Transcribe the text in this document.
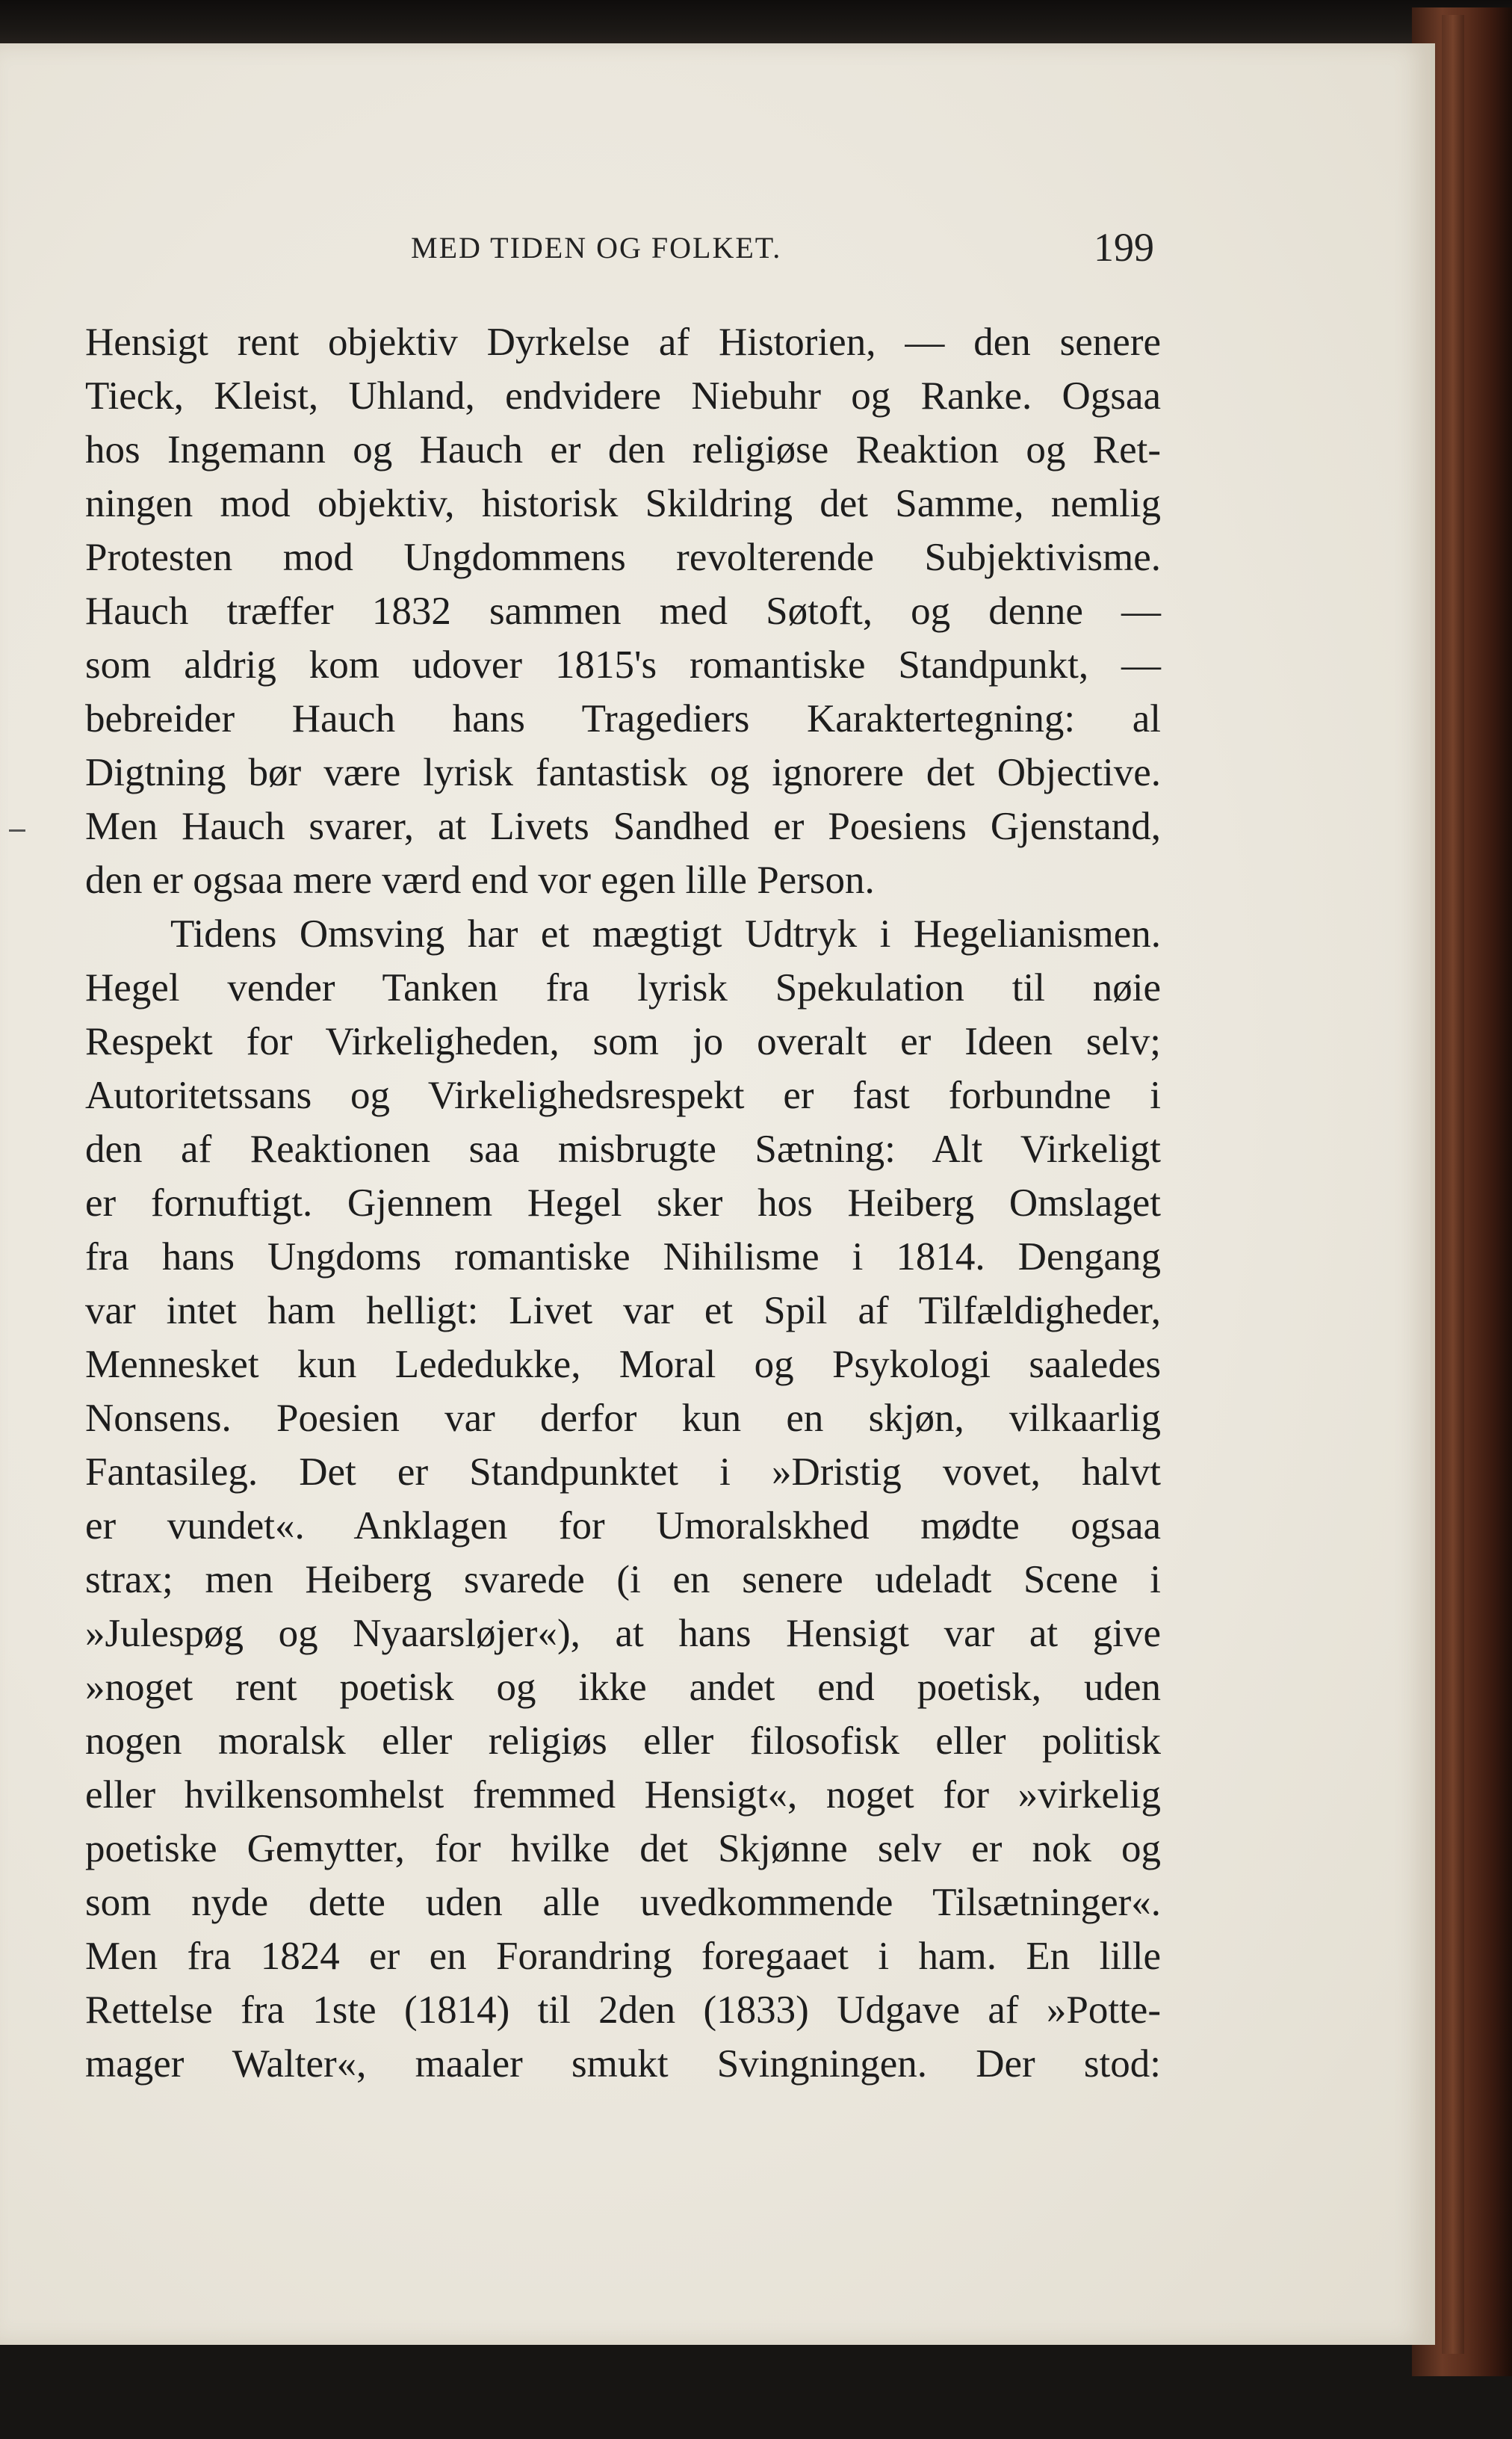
MED TIDEN OG FOLKET.	199
Hensigt rent objektiv Dyrkelse af Historien, — den senere
Tieck, Kleist, Uhland, endvidere Niebuhr og Ranke. Ogsaa
hos Ingemann og Hauch er den religiøse Reaktion og Ret-
ningen mod objektiv, historisk Skildring det Samme, nemlig
Protesten mod Ungdommens revolterende Subjektivisme.
Hauch træffer 1832 sammen med Søtoft, og denne —
som aldrig kom udover 1815's romantiske Standpunkt, —
bebreider Hauch hans Tragediers Karaktertegning: al
Digtning bør være lyrisk fantastisk og ignorere det Objective.
Men Hauch svarer, at Livets Sandhed er Poesiens Gjenstand,
den er ogsaa mere værd end vor egen lille Person.
Tidens Omsving har et mægtigt Udtryk i Hegelianismen.
Hegel vender Tanken fra lyrisk Spekulation til nøie
Respekt for Virkeligheden, som jo overalt er Ideen selv;
Autoritetssans og Virkelighedsrespekt er fast forbundne i
den af Reaktionen saa misbrugte Sætning: Alt Virkeligt
er fornuftigt. Gjennem Hegel sker hos Heiberg Omslaget
fra hans Ungdoms romantiske Nihilisme i 1814. Dengang
var intet ham helligt: Livet var et Spil af Tilfældigheder,
Mennesket kun Lededukke, Moral og Psykologi saaledes
Nonsens. Poesien var derfor kun en skjøn, vilkaarlig
Fantasileg. Det er Standpunktet i »Dristig vovet, halvt
er vundet«. Anklagen for Umoralskhed mødte ogsaa
strax; men Heiberg svarede (i en senere udeladt Scene i
»Julespøg og Nyaarsløjer«), at hans Hensigt var at give
»noget rent poetisk og ikke andet end poetisk, uden
nogen moralsk eller religiøs eller filosofisk eller politisk
eller hvilkensomhelst fremmed Hensigt«, noget for »virkelig
poetiske Gemytter, for hvilke det Skjønne selv er nok og
som nyde dette uden alle uvedkommende Tilsætninger«.
Men fra 1824 er en Forandring foregaaet i ham. En lille
Rettelse fra 1ste (1814) til 2den (1833) Udgave af »Potte-
mager Walter«, maaler smukt Svingningen. Der stod:
